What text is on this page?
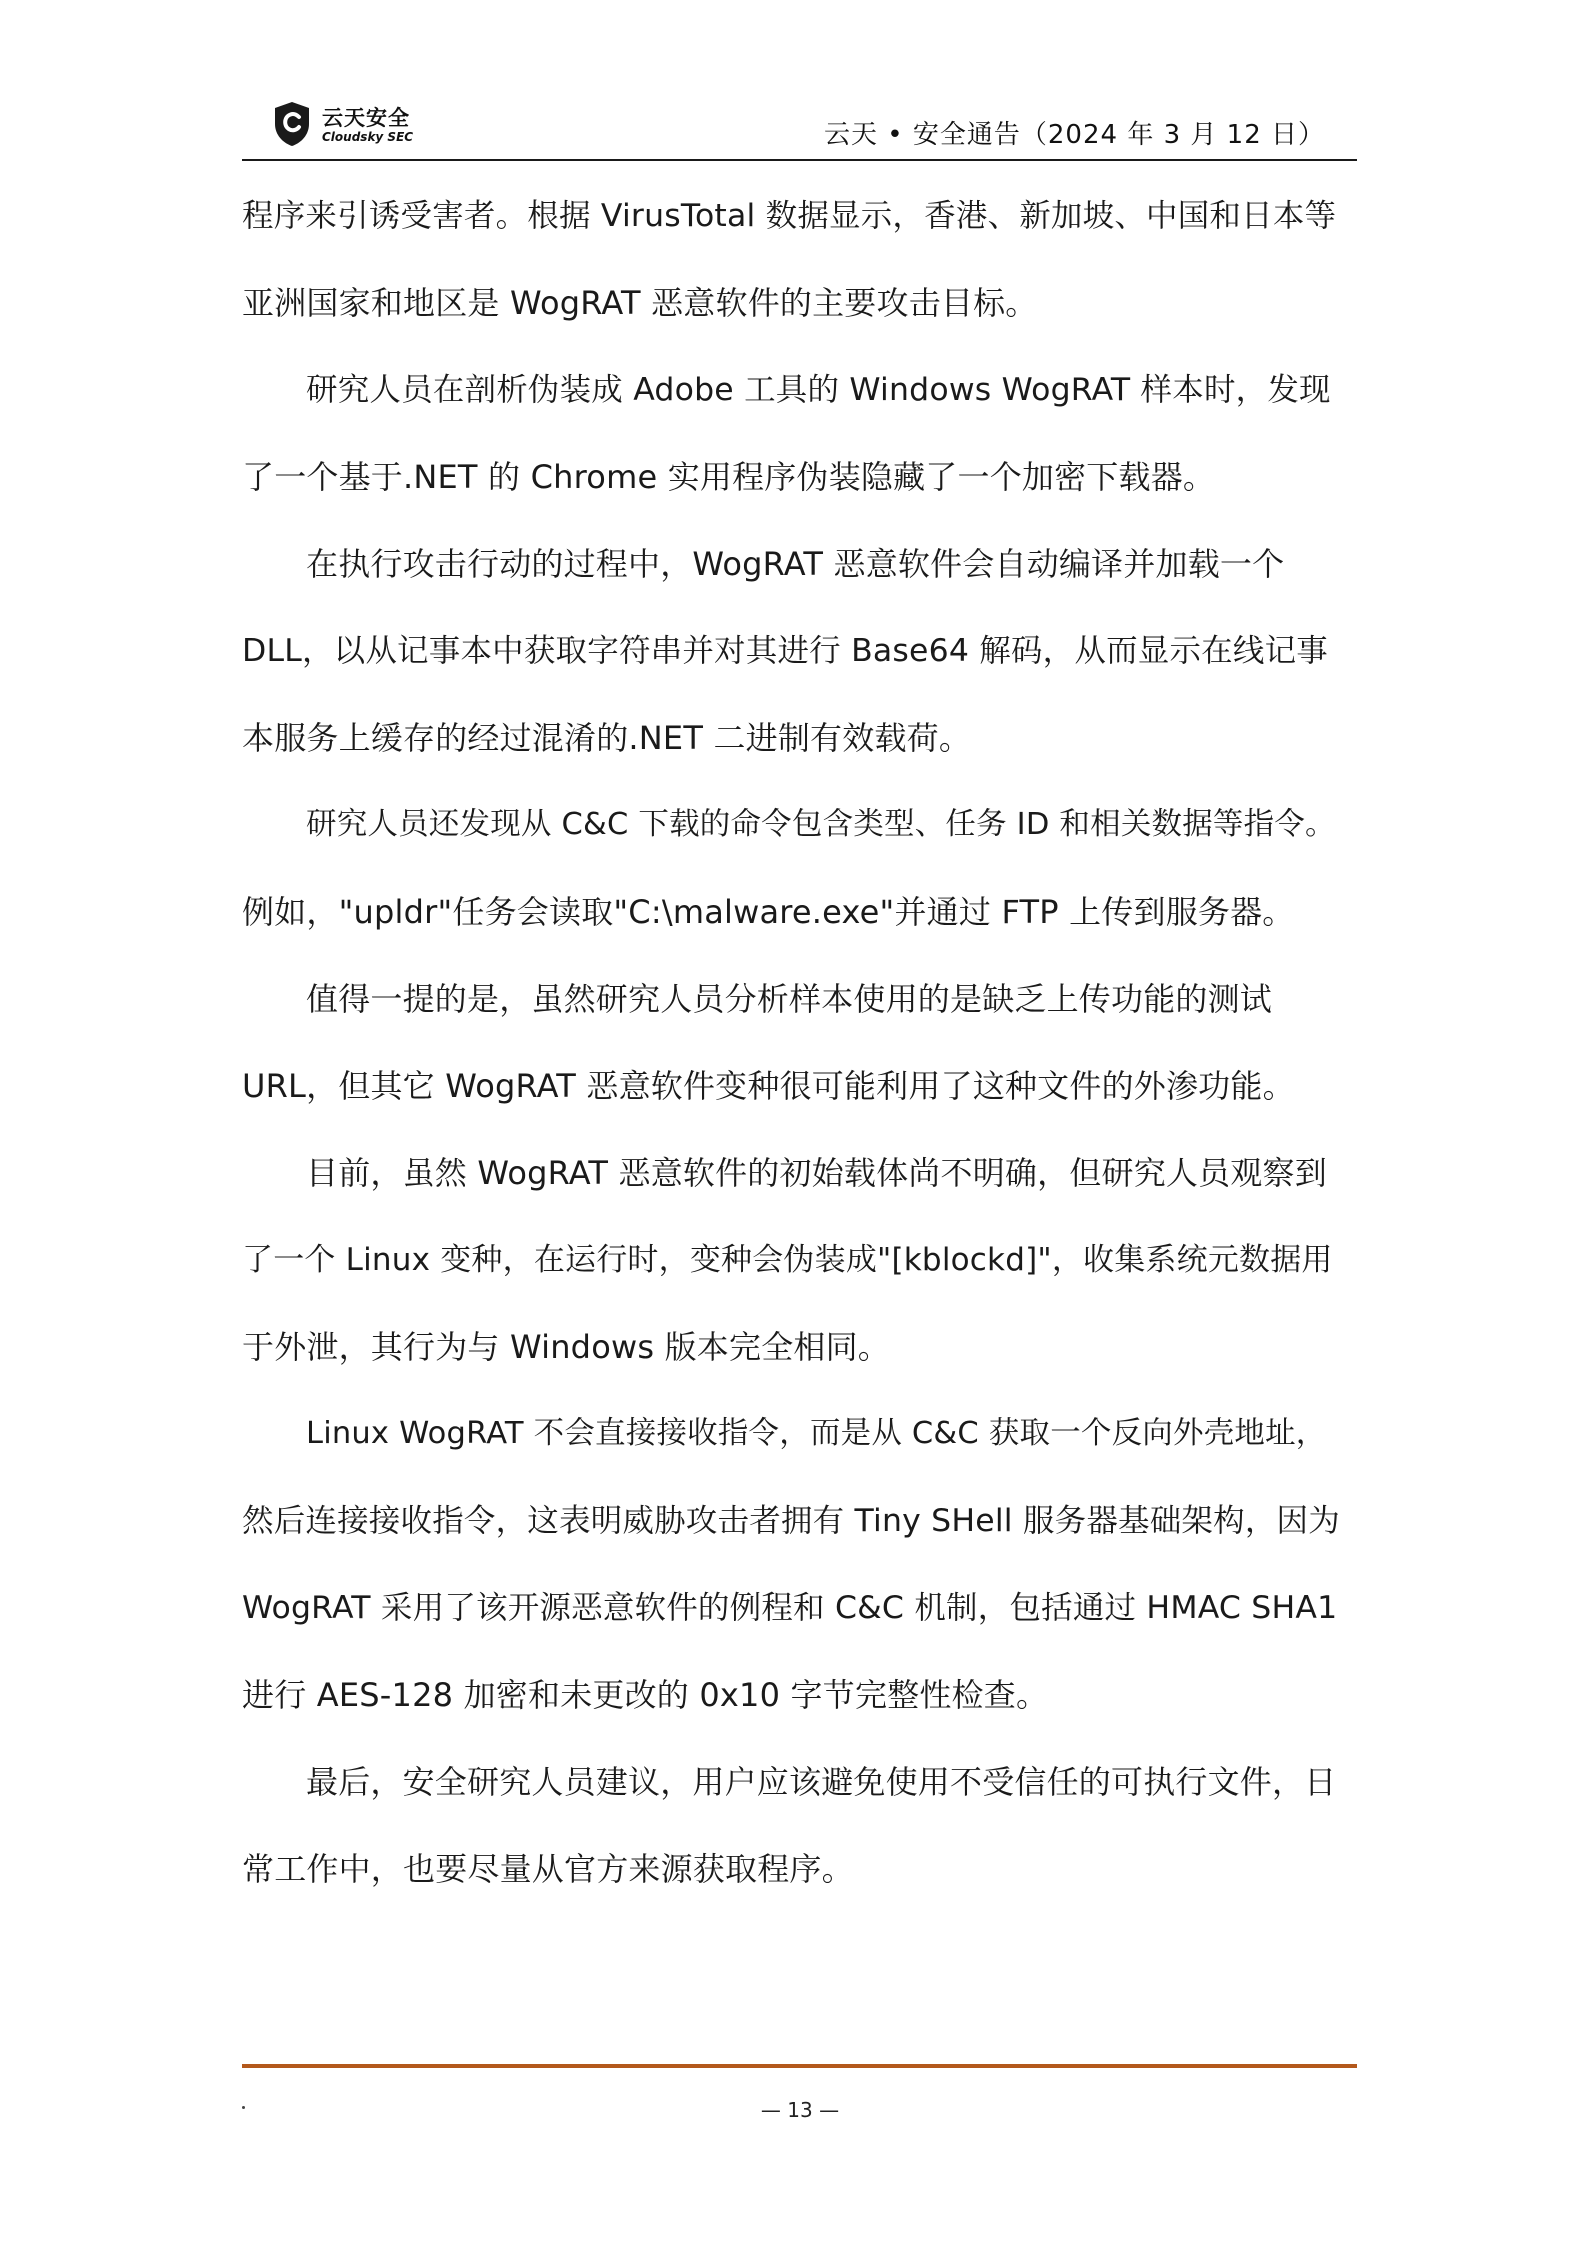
云天安全
Cloudsky SEC	云天 • 安全通告（2024 年 3 月 12 日）
程序来引诱受害者。根据 VirusTotal 数据显示，香港、新加坡、中国和日本等
亚洲国家和地区是 WogRAT 恶意软件的主要攻击目标。
研究人员在剖析伪装成 Adobe 工具的 Windows WogRAT 样本时，发现
了一个基于.NET 的 Chrome 实用程序伪装隐藏了一个加密下载器。
在执行攻击行动的过程中，WogRAT 恶意软件会自动编译并加载一个
DLL，以从记事本中获取字符串并对其进行 Base64 解码，从而显示在线记事
本服务上缓存的经过混淆的.NET 二进制有效载荷。
研究人员还发现从 C&C 下载的命令包含类型、任务 ID 和相关数据等指令。
例如，"upldr"任务会读取"C:\malware.exe"并通过 FTP 上传到服务器。
值得一提的是，虽然研究人员分析样本使用的是缺乏上传功能的测试
URL，但其它 WogRAT 恶意软件变种很可能利用了这种文件的外渗功能。
目前，虽然 WogRAT 恶意软件的初始载体尚不明确，但研究人员观察到
了一个 Linux 变种，在运行时，变种会伪装成"[kblockd]"，收集系统元数据用
于外泄，其行为与 Windows 版本完全相同。
Linux WogRAT 不会直接接收指令，而是从 C&C 获取一个反向外壳地址，
然后连接接收指令，这表明威胁攻击者拥有 Tiny SHell 服务器基础架构，因为
WogRAT 采用了该开源恶意软件的例程和 C&C 机制，包括通过 HMAC SHA1
进行 AES-128 加密和未更改的 0x10 字节完整性检查。
最后，安全研究人员建议，用户应该避免使用不受信任的可执行文件，日
常工作中，也要尽量从官方来源获取程序。
— 13 —
